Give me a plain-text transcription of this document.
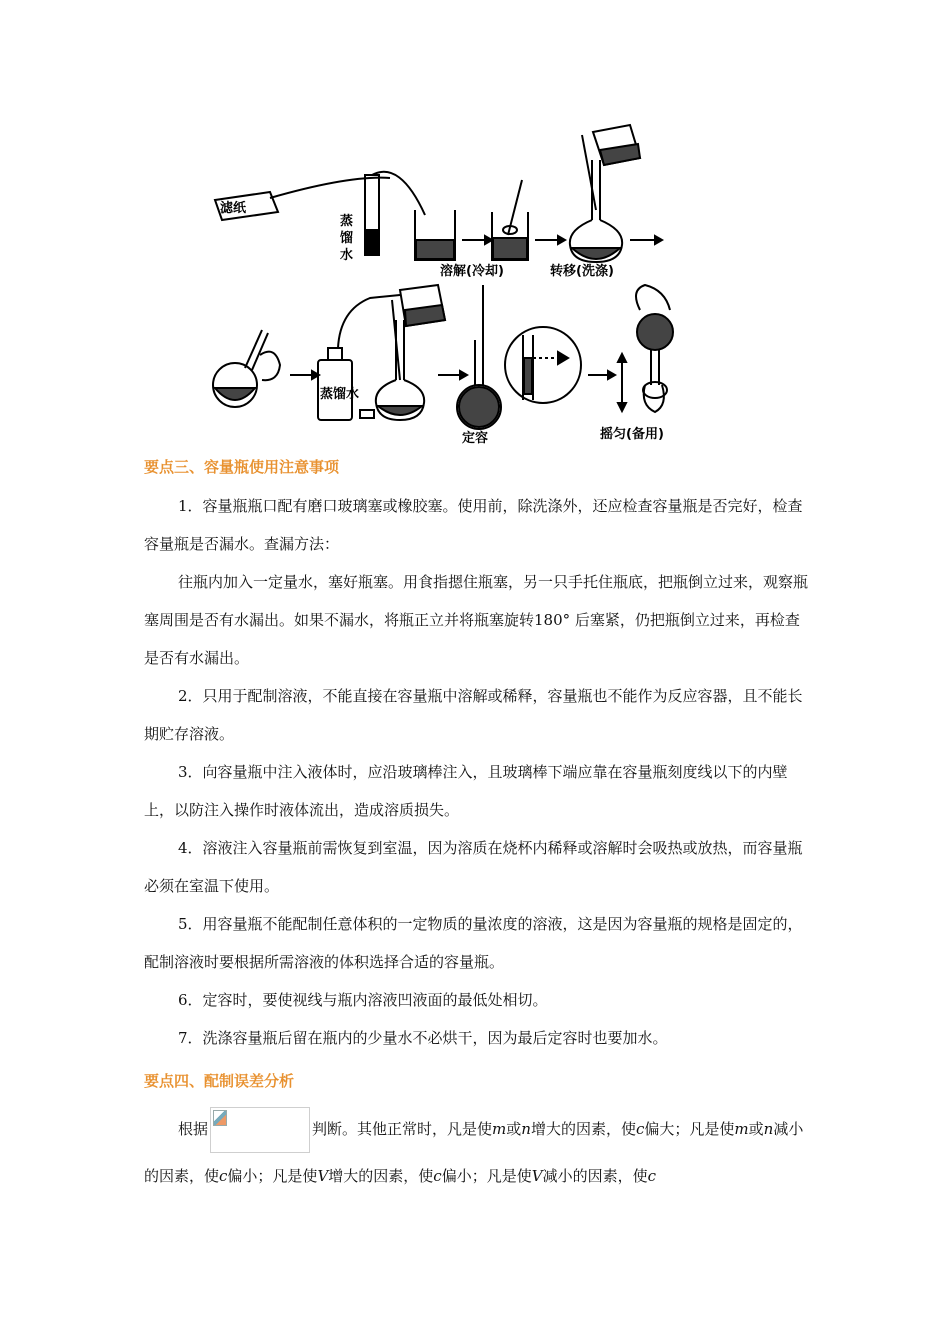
滤纸
蒸
馏
水
溶解(冷却)	转移(洗涤)
蒸馏水
定容	摇匀(备用)
要点三、容量瓶使用注意事项
1．容量瓶瓶口配有磨口玻璃塞或橡胶塞。使用前，除洗涤外，还应检查容量瓶是否完好，检查容量瓶是否漏水。查漏方法：
往瓶内加入一定量水，塞好瓶塞。用食指摁住瓶塞，另一只手托住瓶底，把瓶倒立过来，观察瓶塞周围是否有水漏出。如果不漏水，将瓶正立并将瓶塞旋转180° 后塞紧，仍把瓶倒立过来，再检查是否有水漏出。
2．只用于配制溶液，不能直接在容量瓶中溶解或稀释，容量瓶也不能作为反应容器，且不能长期贮存溶液。
3．向容量瓶中注入液体时，应沿玻璃棒注入，且玻璃棒下端应靠在容量瓶刻度线以下的内壁上，以防注入操作时液体流出，造成溶质损失。
4．溶液注入容量瓶前需恢复到室温，因为溶质在烧杯内稀释或溶解时会吸热或放热，而容量瓶必须在室温下使用。
5．用容量瓶不能配制任意体积的一定物质的量浓度的溶液，这是因为容量瓶的规格是固定的，配制溶液时要根据所需溶液的体积选择合适的容量瓶。
6．定容时，要使视线与瓶内溶液凹液面的最低处相切。
7．洗涤容量瓶后留在瓶内的少量水不必烘干，因为最后定容时也要加水。
要点四、配制误差分析
根据	判断。其他正常时，凡是使m或n增大的因素，使c偏大；凡是使m或n减小的因素，使c偏小；凡是使V增大的因素，使c偏小；凡是使V减小的因素，使c
